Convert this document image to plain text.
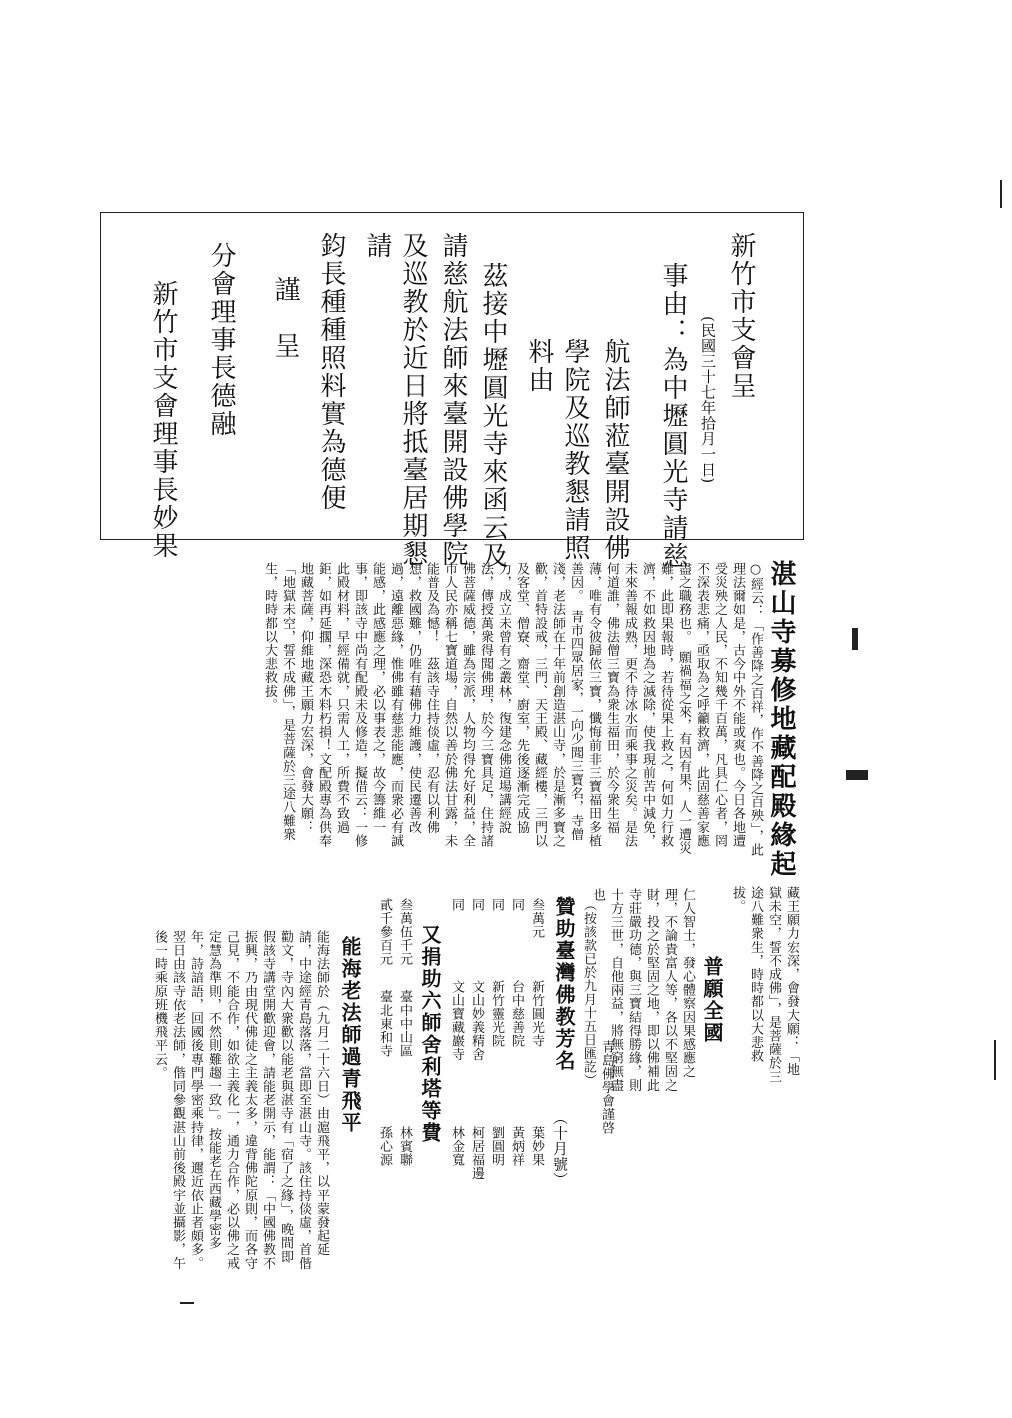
新竹市支會呈
(民國三十七年拾月一日)
事由：為中壢圓光寺請慈
航法師蒞臺開設佛
學院及巡教懇請照
料由
茲接中壢圓光寺來函云及
請慈航法師來臺開設佛學院
及巡教於近日將抵臺居期懇
請
鈞長種種照料實為德便
謹　呈
分會理事長德融
新竹市支會理事長妙果
湛山寺募修地藏配殿緣起
○經云：「作善降之百祥，作不善降之百殃」，此理法爾如是，古今中外不能或爽也。今日各地遭受災殃之人民，不知幾千百萬，凡具仁心者，罔不深表悲痛，亟取為之呼籲救濟，此固慈善家應盡之職務也。　願禍福之來，有因有果，人一遭災難，此即果報時，若待從果上救之，何如力行救濟，不如救因地為之滅除，使我現前苦中減免，未來善報成熟，更不待冰水而乘事之災矣。是法何道誰，佛法僧三寶為衆生福田，於今衆生福薄，唯有令彼歸依三寶，懺悔前非三寶福田多植善因。　青市四眾居家，一向少聞三寶名，寺僧淺，老法師在十年前創造湛山寺，於是漸多寶之歡，首特設戒，三門、天王殿、藏經樓，三門以及客堂、僧寮、齋堂、廚室，先後逐漸完成協力，成立未曾有之叢林，復建念佛道場講經說法，傳授萬衆得聞佛理，於今三寶具足，住持諸佛菩薩威德，雖為宗派，人物均得允好利益，全市人民亦稱七寶道場，自然以善於佛法甘露，未能普及為憾！　茲該寺住持倓虛，忍有以利佛想，救國難，仍唯有藉佛力維護，使民遷善改過，遠離惡緣，惟佛雖有慈悲能應，而衆必有誠能感，此感應之理，必以事表之，故今籌維一事，即該寺中尚有配殿未及修造，擬借云：一修此殿材料，早經備就，只需人工，所費不致過鉅，如再延擱，深恐木料朽損！文配殿專為供奉地藏菩薩，仰維地藏王願力宏深，會發大願：「地獄未空，誓不成佛」，是菩薩於三途八難衆生，時時都以大悲救拔。
藏王願力宏深，會發大願：「地獄未空，誓不成佛」，是菩薩於三途八難衆生，時時都以大悲救拔。
普願全國
仁人智士，發心體察因果感應之理，不論貴富人等，各以不堅固之財，投之於堅固之地，即以佛補此寺莊嚴功德，與三寶結得勝緣，則十方三世，自他兩益，將無窮無盡也
青島佛學會謹啓
贊助臺灣佛教芳名 （按該款已於九月十五日匯訖）
（十月號）
叁萬元
新竹圓光寺
葉妙果
同
台中慈善院
黃炳祥
同
新竹靈光院
劉圓明
同
文山妙義精舍
柯居福邊
同
文山寶藏巖寺
林金寬
又捐助六師舍利塔等費
叁萬伍千元
臺中中山區
林賓聯
貳千參百元
臺北東和寺
孫心源
能海老法師過青飛平
能海法師於（九月二十六日）由滬飛平，以平蒙發起延請，中途經青島落落，當即至湛山寺。該住持倓虛，首偕勸文，寺內大衆歡以能老與湛寺有「宿了之緣」，晚間即假該寺講堂開歡迎會，請能老開示，能謂：「中國佛教不振興，乃由現代佛徒之主義太多，違背佛陀原則，而各守己見，不能合作，如欲主義化一，通力合作，必以佛之戒定慧為準則，不然則難趨一致」。按能老在西藏學密多年，詩諳語，回國後專門學密乘持律，邇近依止者頗多。翌日由該寺依老法師，偕同參觀湛山前後殿宇並攝影，午後一時乘原班機飛平云。
